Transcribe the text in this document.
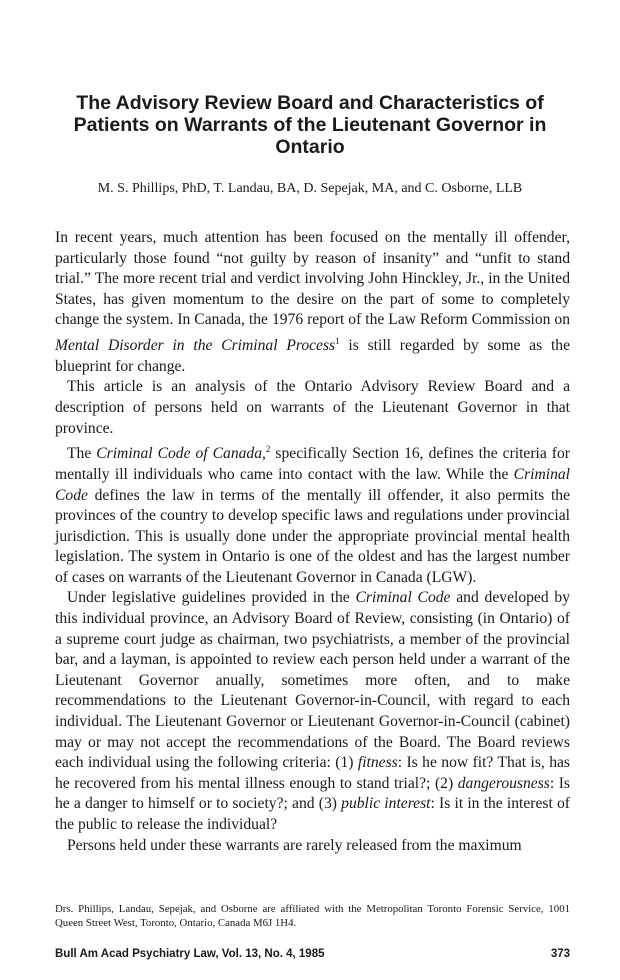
The Advisory Review Board and Characteristics of
Patients on Warrants of the Lieutenant Governor in
Ontario
M. S. Phillips, PhD, T. Landau, BA, D. Sepejak, MA, and C. Osborne, LLB

In recent years, much attention has been focused on the mentally ill offender, particularly those found “not guilty by reason of insanity” and “unfit to stand trial.” The more recent trial and verdict involving John Hinckley, Jr., in the United States, has given momentum to the desire on the part of some to completely change the system. In Canada, the 1976 report of the Law Reform Commission on Mental Disorder in the Criminal Process$^1$ is still regarded by some as the blueprint for change.

This article is an analysis of the Ontario Advisory Review Board and a description of persons held on warrants of the Lieutenant Governor in that province.

The Criminal Code of Canada,$^2$ specifically Section 16, defines the criteria for mentally ill individuals who came into contact with the law. While the Criminal Code defines the law in terms of the mentally ill offender, it also permits the provinces of the country to develop specific laws and regulations under provincial jurisdiction. This is usually done under the appropriate provincial mental health legislation. The system in Ontario is one of the oldest and has the largest number of cases on warrants of the Lieutenant Governor in Canada (LGW).

Under legislative guidelines provided in the Criminal Code and developed by this individual province, an Advisory Board of Review, consisting (in Ontario) of a supreme court judge as chairman, two psychiatrists, a member of the provincial bar, and a layman, is appointed to review each person held under a warrant of the Lieutenant Governor anually, sometimes more often, and to make recommendations to the Lieutenant Governor-in-Council, with regard to each individual. The Lieutenant Governor or Lieutenant Governor-in-Council (cabinet) may or may not accept the recommendations of the Board. The Board reviews each individual using the following criteria: (1) fitness: Is he now fit? That is, has he recovered from his mental illness enough to stand trial?; (2) dangerousness: Is he a danger to himself or to society?; and (3) public interest: Is it in the interest of the public to release the individual?

Persons held under these warrants are rarely released from the maximum

Drs. Phillips, Landau, Sepejak, and Osborne are affiliated with the Metropolitan Toronto Forensic Service, 1001 Queen Street West, Toronto, Ontario, Canada M6J 1H4.

Bull Am Acad Psychiatry Law, Vol. 13, No. 4, 1985	373
